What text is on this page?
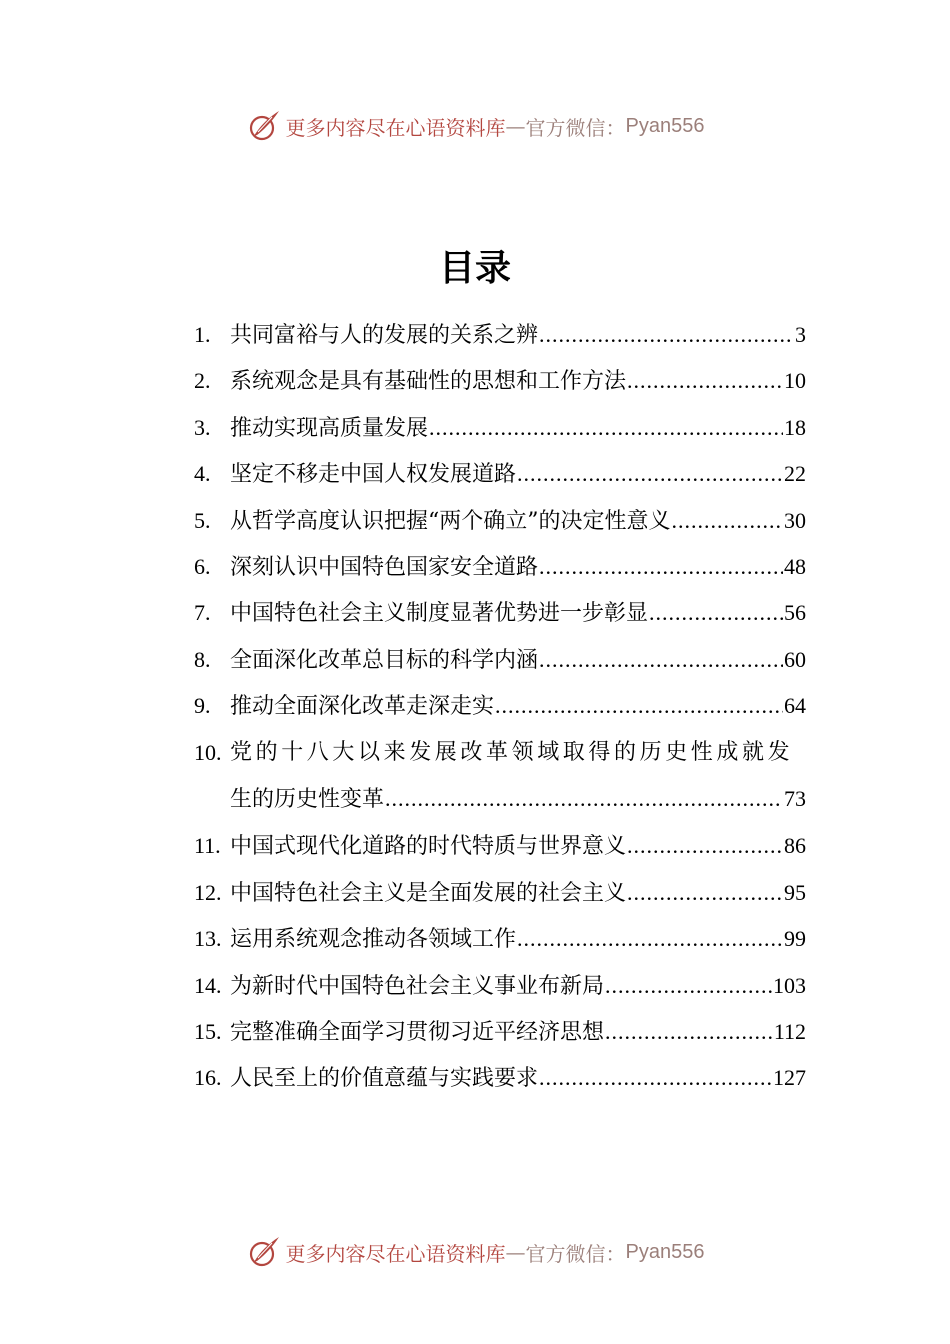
更多内容尽在心语资料库 — 官方微信： Pyan556
目录
1. 共同富裕与人的发展的关系之辨 .....	3
2. 系统观念是具有基础性的思想和工作方法 .....	10
3. 推动实现高质量发展 .....	18
4. 坚定不移走中国人权发展道路 .....	22
5. 从哲学高度认识把握“两个确立”的决定性意义 .....	30
6. 深刻认识中国特色国家安全道路 .....	48
7. 中国特色社会主义制度显著优势进一步彰显 .....	56
8. 全面深化改革总目标的科学内涵 .....	60
9. 推动全面深化改革走深走实 .....	64
10. 党的十八大以来发展改革领域取得的历史性成就发
生的历史性变革 .....	73
11. 中国式现代化道路的时代特质与世界意义 .....	86
12. 中国特色社会主义是全面发展的社会主义 .....	95
13. 运用系统观念推动各领域工作 .....	99
14. 为新时代中国特色社会主义事业布新局 .....	103
15. 完整准确全面学习贯彻习近平经济思想 .....	112
16. 人民至上的价值意蕴与实践要求 .....	127
更多内容尽在心语资料库 — 官方微信： Pyan556
